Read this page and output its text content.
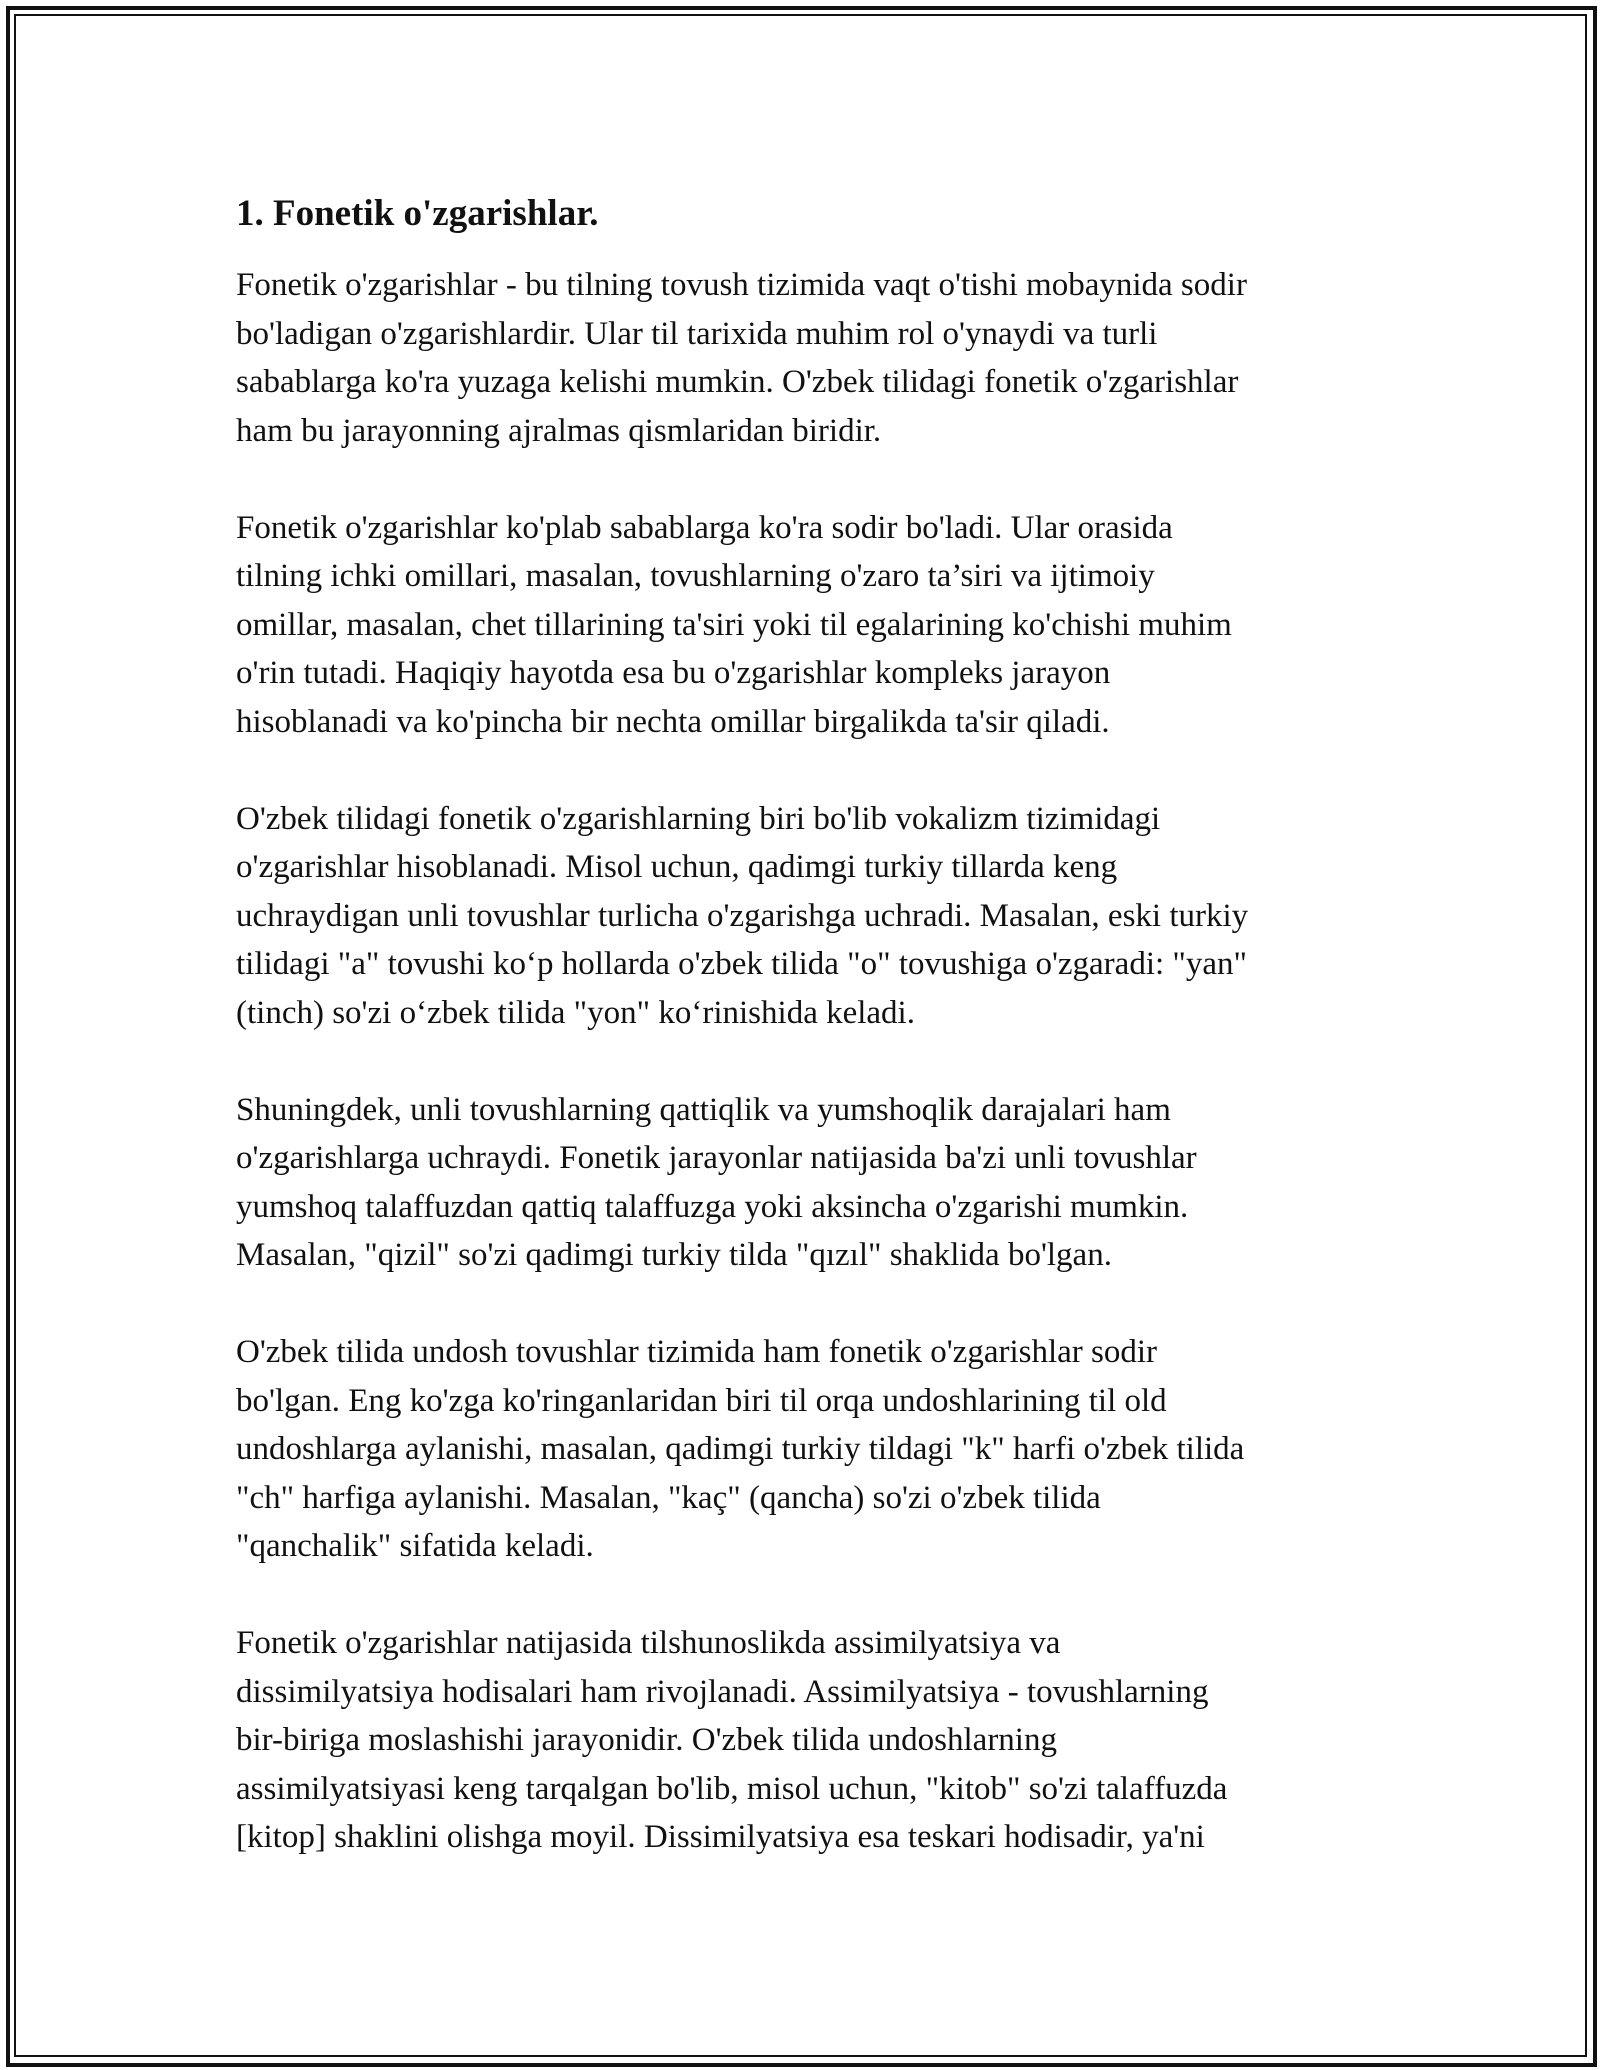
1. Fonetik o'zgarishlar.

Fonetik o'zgarishlar - bu tilning tovush tizimida vaqt o'tishi mobaynida sodir
bo'ladigan o'zgarishlardir. Ular til tarixida muhim rol o'ynaydi va turli
sabablarga ko'ra yuzaga kelishi mumkin. O'zbek tilidagi fonetik o'zgarishlar
ham bu jarayonning ajralmas qismlaridan biridir.

Fonetik o'zgarishlar ko'plab sabablarga ko'ra sodir bo'ladi. Ular orasida
tilning ichki omillari, masalan, tovushlarning o'zaro ta’siri va ijtimoiy
omillar, masalan, chet tillarining ta'siri yoki til egalarining ko'chishi muhim
o'rin tutadi. Haqiqiy hayotda esa bu o'zgarishlar kompleks jarayon
hisoblanadi va ko'pincha bir nechta omillar birgalikda ta'sir qiladi.

O'zbek tilidagi fonetik o'zgarishlarning biri bo'lib vokalizm tizimidagi
o'zgarishlar hisoblanadi. Misol uchun, qadimgi turkiy tillarda keng
uchraydigan unli tovushlar turlicha o'zgarishga uchradi. Masalan, eski turkiy
tilidagi "a" tovushi koʻp hollarda o'zbek tilida "o" tovushiga o'zgaradi: "yan"
(tinch) so'zi oʻzbek tilida "yon" koʻrinishida keladi.

Shuningdek, unli tovushlarning qattiqlik va yumshoqlik darajalari ham
o'zgarishlarga uchraydi. Fonetik jarayonlar natijasida ba'zi unli tovushlar
yumshoq talaffuzdan qattiq talaffuzga yoki aksincha o'zgarishi mumkin.
Masalan, "qizil" so'zi qadimgi turkiy tilda "qızıl" shaklida bo'lgan.

O'zbek tilida undosh tovushlar tizimida ham fonetik o'zgarishlar sodir
bo'lgan. Eng ko'zga ko'ringanlaridan biri til orqa undoshlarining til old
undoshlarga aylanishi, masalan, qadimgi turkiy tildagi "k" harfi o'zbek tilida
"ch" harfiga aylanishi. Masalan, "kaç" (qancha) so'zi o'zbek tilida
"qanchalik" sifatida keladi.

Fonetik o'zgarishlar natijasida tilshunoslikda assimilyatsiya va
dissimilyatsiya hodisalari ham rivojlanadi. Assimilyatsiya - tovushlarning
bir-biriga moslashishi jarayonidir. O'zbek tilida undoshlarning
assimilyatsiyasi keng tarqalgan bo'lib, misol uchun, "kitob" so'zi talaffuzda
[kitop] shaklini olishga moyil. Dissimilyatsiya esa teskari hodisadir, ya'ni
